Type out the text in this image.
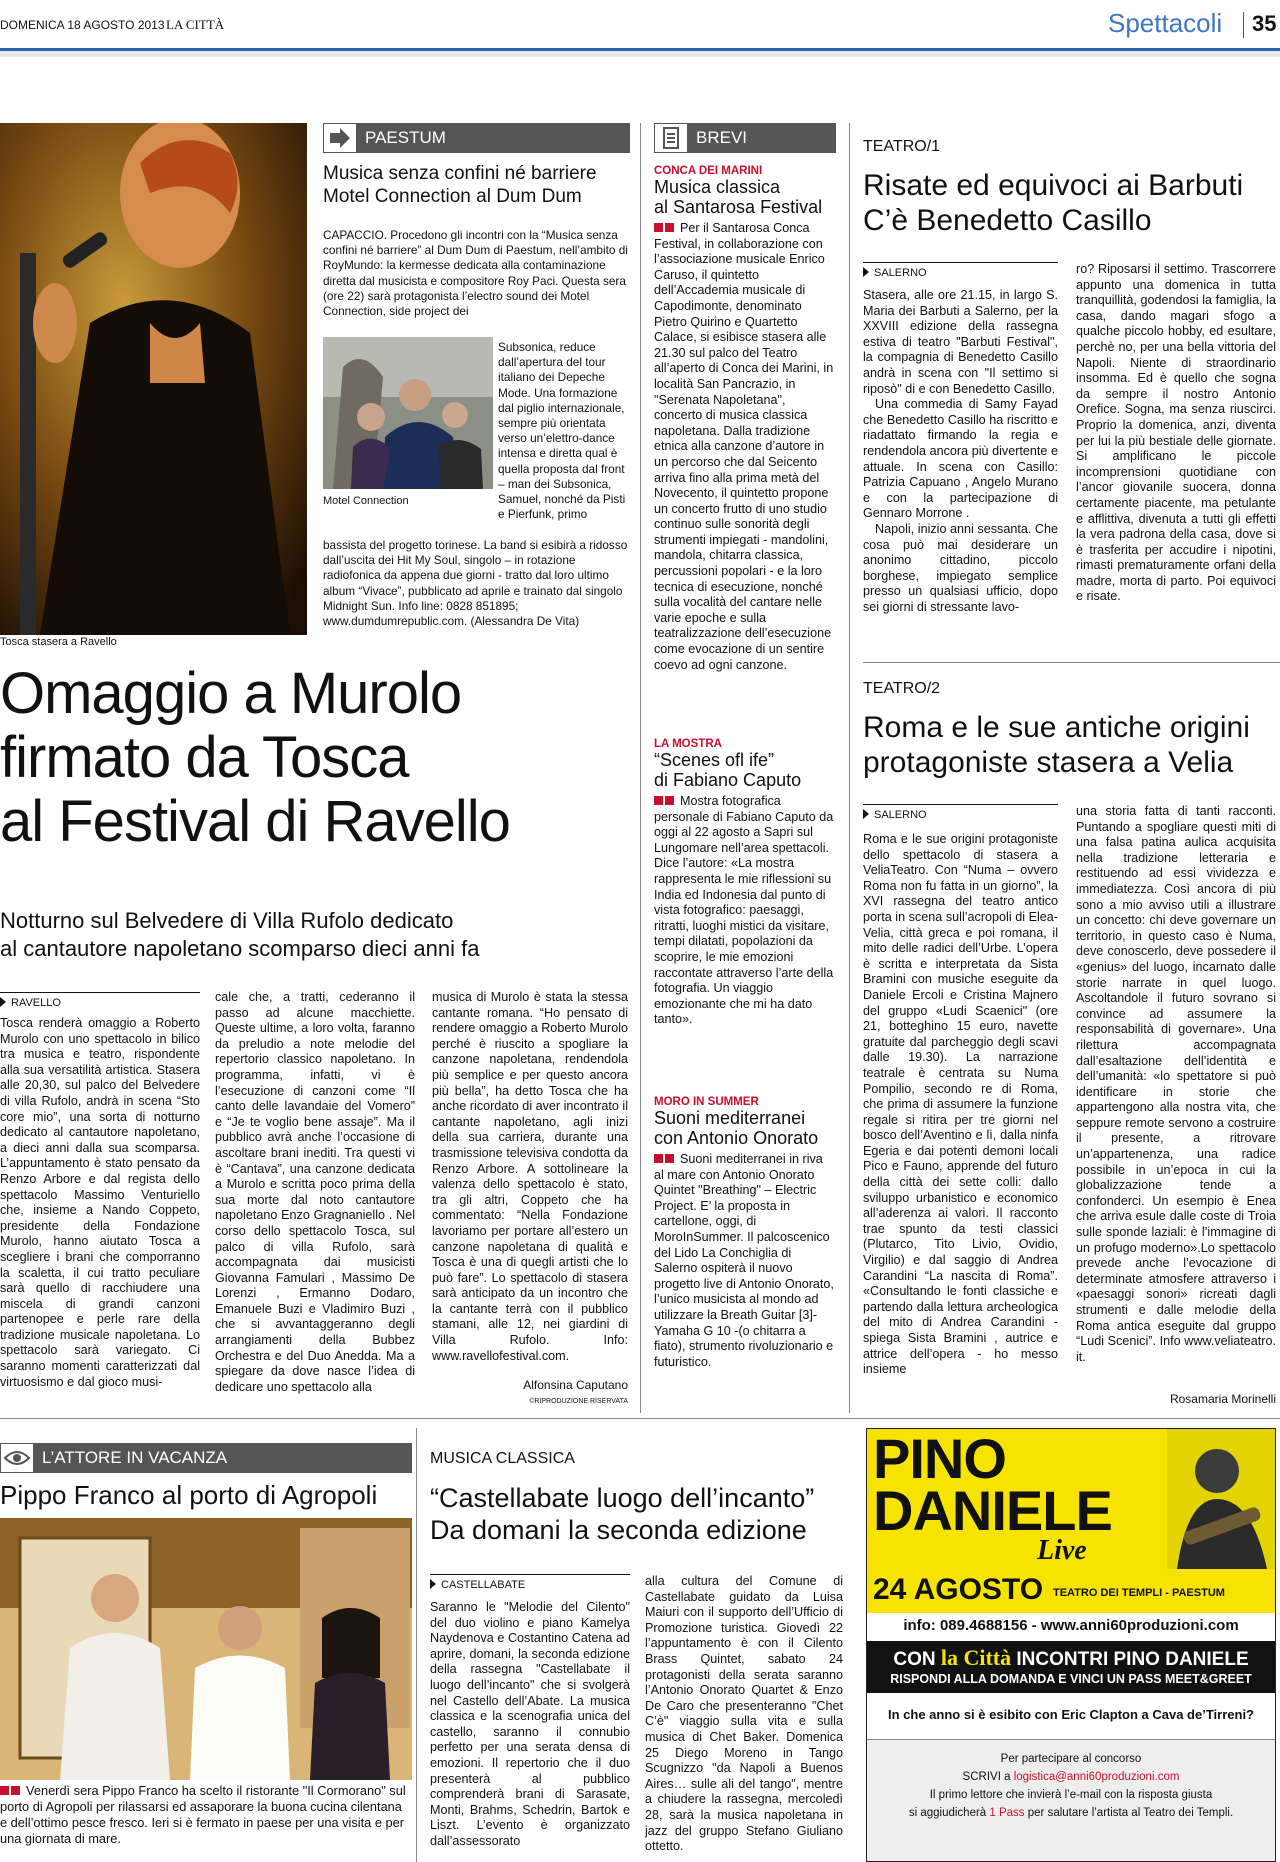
DOMENICA 18 AGOSTO 2013 LA CITTÀ	Spettacoli 35
Tosca stasera a Ravello
PAESTUM
Musica senza confini né barriere
Motel Connection al Dum Dum
CAPACCIO. Procedono gli incontri con la “Musica senza confini né barriere” al Dum Dum di Paestum, nell’ambito di RoyMundo: la kermesse dedicata alla contaminazione diretta dal musicista e compositore Roy Paci. Questa sera (ore 22) sarà protagonista l’electro sound dei Motel Connection, side project dei
Subsonica, reduce dall’apertura del tour italiano dei Depeche Mode. Una formazione dal piglio internazionale, sempre più orientata verso un’elettro-dance intensa e diretta qual è quella proposta dal front – man dei Subsonica, Samuel, nonché da Pisti e Pierfunk, primo
Motel Connection
bassista del progetto torinese. La band si esibirà a ridosso dall’uscita dei Hit My Soul, singolo – in rotazione radiofonica da appena due giorni - tratto dal loro ultimo album “Vivace”, pubblicato ad aprile e trainato dal singolo Midnight Sun. Info line: 0828 851895; www.dumdumrepublic.com. (Alessandra De Vita)
Omaggio a Murolo
firmato da Tosca
al Festival di Ravello
Notturno sul Belvedere di Villa Rufolo dedicato
al cantautore napoletano scomparso dieci anni fa
RAVELLO

Tosca renderà omaggio a Roberto Murolo con uno spettacolo in bilico tra musica e teatro, rispondente alla sua versatilità artistica. Stasera alle 20,30, sul palco del Belvedere di villa Rufolo, andrà in scena “Sto core mio”, una sorta di notturno dedicato al cantautore napoletano, a dieci anni dalla sua scomparsa. L’appuntamento è stato pensato da Renzo Arbore e dal regista dello spettacolo Massimo Venturiello che, insieme a Nando Coppeto, presidente della Fondazione Murolo, hanno aiutato Tosca a scegliere i brani che comporranno la scaletta, il cui tratto peculiare sarà quello di racchiudere una miscela di grandi canzoni partenopee e perle rare della tradizione musicale napoletana. Lo spettacolo sarà variegato. Ci saranno momenti caratterizzati dal virtuosismo e dal gioco musi-

cale che, a tratti, cederanno il passo ad alcune macchiette. Queste ultime, a loro volta, faranno da preludio a note melodie del repertorio classico napoletano. In programma, infatti, vi è l’esecuzione di canzoni come “Il canto delle lavandaie del Vomero” e “Je te voglio bene assaje”. Ma il pubblico avrà anche l’occasione di ascoltare brani inediti. Tra questi vi è “Cantava”, una canzone dedicata a Murolo e scritta poco prima della sua morte dal noto cantautore napoletano Enzo Gragnaniello . Nel corso dello spettacolo Tosca, sul palco di villa Rufolo, sarà accompagnata dai musicisti Giovanna Famulari , Massimo De Lorenzi , Ermanno Dodaro, Emanuele Buzi e Vladimiro Buzi , che si avvantaggeranno degli arrangiamenti della Bubbez Orchestra e del Duo Anedda. Ma a spiegare da dove nasce l’idea di dedicare uno spettacolo alla

musica di Murolo è stata la stessa cantante romana. “Ho pensato di rendere omaggio a Roberto Murolo perché è riuscito a spogliare la canzone napoletana, rendendola più semplice e per questo ancora più bella”, ha detto Tosca che ha anche ricordato di aver incontrato il cantante napoletano, agli inizi della sua carriera, durante una trasmissione televisiva condotta da Renzo Arbore. A sottolineare la valenza dello spettacolo è stato, tra gli altri, Coppeto che ha commentato: “Nella Fondazione lavoriamo per portare all’estero un canzone napoletana di qualità e Tosca è una di quegli artisti che lo può fare”. Lo spettacolo di stasera sarà anticipato da un incontro che la cantante terrà con il pubblico stamani, alle 12, nei giardini di Villa Rufolo. Info: www.ravellofestival.com.

Alfonsina Caputano
©RIPRODUZIONE RISERVATA
BREVI
CONCA DEI MARINI
Musica classica
al Santarosa Festival
Per il Santarosa Conca Festival, in collaborazione con l’associazione musicale Enrico Caruso, il quintetto dell’Accademia musicale di Capodimonte, denominato Pietro Quirino e Quartetto Calace, si esibisce stasera alle 21.30 sul palco del Teatro all’aperto di Conca dei Marini, in località San Pancrazio, in "Serenata Napoletana", concerto di musica classica napoletana. Dalla tradizione etnica alla canzone d’autore in un percorso che dal Seicento arriva fino alla prima metà del Novecento, il quintetto propone un concerto frutto di uno studio continuo sulle sonorità degli strumenti impiegati - mandolini, mandola, chitarra classica, percussioni popolari - e la loro tecnica di esecuzione, nonché sulla vocalità del cantare nelle varie epoche e sulla teatralizzazione dell’esecuzione come evocazione di un sentire coevo ad ogni canzone.
LA MOSTRA
“Scenes ofl ife”
di Fabiano Caputo
Mostra fotografica personale di Fabiano Caputo da oggi al 22 agosto a Sapri sul Lungomare nell’area spettacoli. Dice l’autore: «La mostra rappresenta le mie riflessioni su India ed Indonesia dal punto di vista fotografico: paesaggi, ritratti, luoghi mistici da visitare, tempi dilatati, popolazioni da scoprire, le mie emozioni raccontate attraverso l’arte della fotografia. Un viaggio emozionante che mi ha dato tanto».
MORO IN SUMMER
Suoni mediterranei
con Antonio Onorato
Suoni mediterranei in riva al mare con Antonio Onorato Quintet "Breathing" – Electric Project. E’ la proposta in cartellone, oggi, di MoroInSummer. Il palcoscenico del Lido La Conchiglia di Salerno ospiterà il nuovo progetto live di Antonio Onorato, l’unico musicista al mondo ad utilizzare la Breath Guitar [3]- Yamaha G 10 -(o chitarra a fiato), strumento rivoluzionario e futuristico.
TEATRO/1
Risate ed equivoci ai Barbuti
C’è Benedetto Casillo
SALERNO

Stasera, alle ore 21.15, in largo S. Maria dei Barbuti a Salerno, per la XXVIII edizione della rassegna estiva di teatro "Barbuti Festival", la compagnia di Benedetto Casillo andrà in scena con "Il settimo si riposò" di e con Benedetto Casillo.

Una commedia di Samy Fayad che Benedetto Casillo ha riscritto e riadattato firmando la regia e rendendola ancora più divertente e attuale. In scena con Casillo: Patrizia Capuano , Angelo Murano e con la partecipazione di Gennaro Morrone .

Napoli, inizio anni sessanta. Che cosa può mai desiderare un anonimo cittadino, piccolo borghese, impiegato semplice presso un qualsiasi ufficio, dopo sei giorni di stressante lavo-

ro? Riposarsi il settimo. Trascorrere appunto una domenica in tutta tranquillità, godendosi la famiglia, la casa, dando magari sfogo a qualche piccolo hobby, ed esultare, perchè no, per una bella vittoria del Napoli. Niente di straordinario insomma. Ed è quello che sogna da sempre il nostro Antonio Orefice. Sogna, ma senza riuscirci. Proprio la domenica, anzi, diventa per lui la più bestiale delle giornate. Si amplificano le piccole incomprensioni quotidiane con l’ancor giovanile suocera, donna certamente piacente, ma petulante e afflittiva, divenuta a tutti gli effetti la vera padrona della casa, dove si è trasferita per accudire i nipotini, rimasti prematuramente orfani della madre, morta di parto. Poi equivoci e risate.

TEATRO/2
Roma e le sue antiche origini
protagoniste stasera a Velia
SALERNO

Roma e le sue origini protagoniste dello spettacolo di stasera a VeliaTeatro. Con “Numa – ovvero Roma non fu fatta in un giorno”, la XVI rassegna del teatro antico porta in scena sull’acropoli di Elea-Velia, città greca e poi romana, il mito delle radici dell’Urbe. L’opera è scritta e interpretata da Sista Bramini con musiche eseguite da Daniele Ercoli e Cristina Majnero del gruppo «Ludi Scaenici" (ore 21, botteghino 15 euro, navette gratuite dal parcheggio degli scavi dalle 19.30). La narrazione teatrale è centrata su Numa Pompilio, secondo re di Roma, che prima di assumere la funzione regale si ritira per tre giorni nel bosco dell’Aventino e lì, dalla ninfa Egeria e dai potenti demoni locali Pico e Fauno, apprende del futuro della città dei sette colli: dallo sviluppo urbanistico e economico all’aderenza ai valori. Il racconto trae spunto da testi classici (Plutarco, Tito Livio, Ovidio, Virgilio) e dal saggio di Andrea Carandini “La nascita di Roma”. «Consultando le fonti classiche e partendo dalla lettura archeologica del mito di Andrea Carandini - spiega Sista Bramini , autrice e attrice dell’opera - ho messo insieme

una storia fatta di tanti racconti. Puntando a spogliare questi miti di una falsa patina aulica acquisita nella tradizione letteraria e restituendo ad essi vividezza e immediatezza. Così ancora di più sono a mio avviso utili a illustrare un concetto: chi deve governare un territorio, in questo caso è Numa, deve conoscerlo, deve possedere il «genius» del luogo, incarnato dalle storie narrate in quel luogo. Ascoltandole il futuro sovrano si convince ad assumere la responsabilità di governare». Una rilettura accompagnata dall’esaltazione dell’identità e dell’umanità: «lo spettatore si può identificare in storie che appartengono alla nostra vita, che seppure remote servono a costruire il presente, a ritrovare un’appartenenza, una radice possibile in un’epoca in cui la globalizzazione tende a confonderci. Un esempio è Enea che arriva esule dalle coste di Troia sulle sponde laziali: è l’immagine di un profugo moderno».Lo spettacolo prevede anche l’evocazione di determinate atmosfere attraverso i «paesaggi sonori» ricreati dagli strumenti e dalle melodie della Roma antica eseguite dal gruppo “Ludi Scenici”. Info www.veliateatro. it.

Rosamaria Morinelli
L’ATTORE IN VACANZA
Pippo Franco al porto di Agropoli
Venerdì sera Pippo Franco ha scelto il ristorante "Il Cormorano" sul porto di Agropoli per rilassarsi ed assaporare la buona cucina cilentana e dell’ottimo pesce fresco. Ieri si è fermato in paese per una visita e per una giornata di mare.
MUSICA CLASSICA
“Castellabate luogo dell’incanto”
Da domani la seconda edizione
CASTELLABATE

Saranno le "Melodie del Cilento" del duo violino e piano Kamelya Naydenova e Costantino Catena ad aprire, domani, la seconda edizione della rassegna "Castellabate il luogo dell’incanto" che si svolgerà nel Castello dell’Abate. La musica classica e la scenografia unica del castello, saranno il connubio perfetto per una serata densa di emozioni. Il repertorio che il duo presenterà al pubblico comprenderà brani di Sarasate, Monti, Brahms, Schedrin, Bartok e Liszt. L’evento è organizzato dall’assessorato

alla cultura del Comune di Castellabate guidato da Luisa Maiuri con il supporto dell’Ufficio di Promozione turistica. Giovedì 22 l’appuntamento è con il Cilento Brass Quintet, sabato 24 protagonisti della serata saranno l’Antonio Onorato Quartet & Enzo De Caro che presenteranno "Chet C’è" viaggio sulla vita e sulla musica di Chet Baker. Domenica 25 Diego Moreno in Tango Scugnizzo "da Napoli a Buenos Aires… sulle ali del tango", mentre a chiudere la rassegna, mercoledì 28, sarà la musica napoletana in jazz del gruppo Stefano Giuliano ottetto.

PINO
DANIELE
Live
24 AGOSTO TEATRO DEI TEMPLI - PAESTUM
info: 089.4688156 - www.anni60produzioni.com
CON la Città INCONTRI PINO DANIELE
RISPONDI ALLA DOMANDA E VINCI UN PASS MEET&GREET
In che anno si è esibito con Eric Clapton a Cava de’Tirreni?
Per partecipare al concorso
SCRIVI a logistica@anni60produzioni.com
Il primo lettore che invierà l’e-mail con la risposta giusta
si aggiudicherà 1 Pass per salutare l’artista al Teatro dei Templi.
